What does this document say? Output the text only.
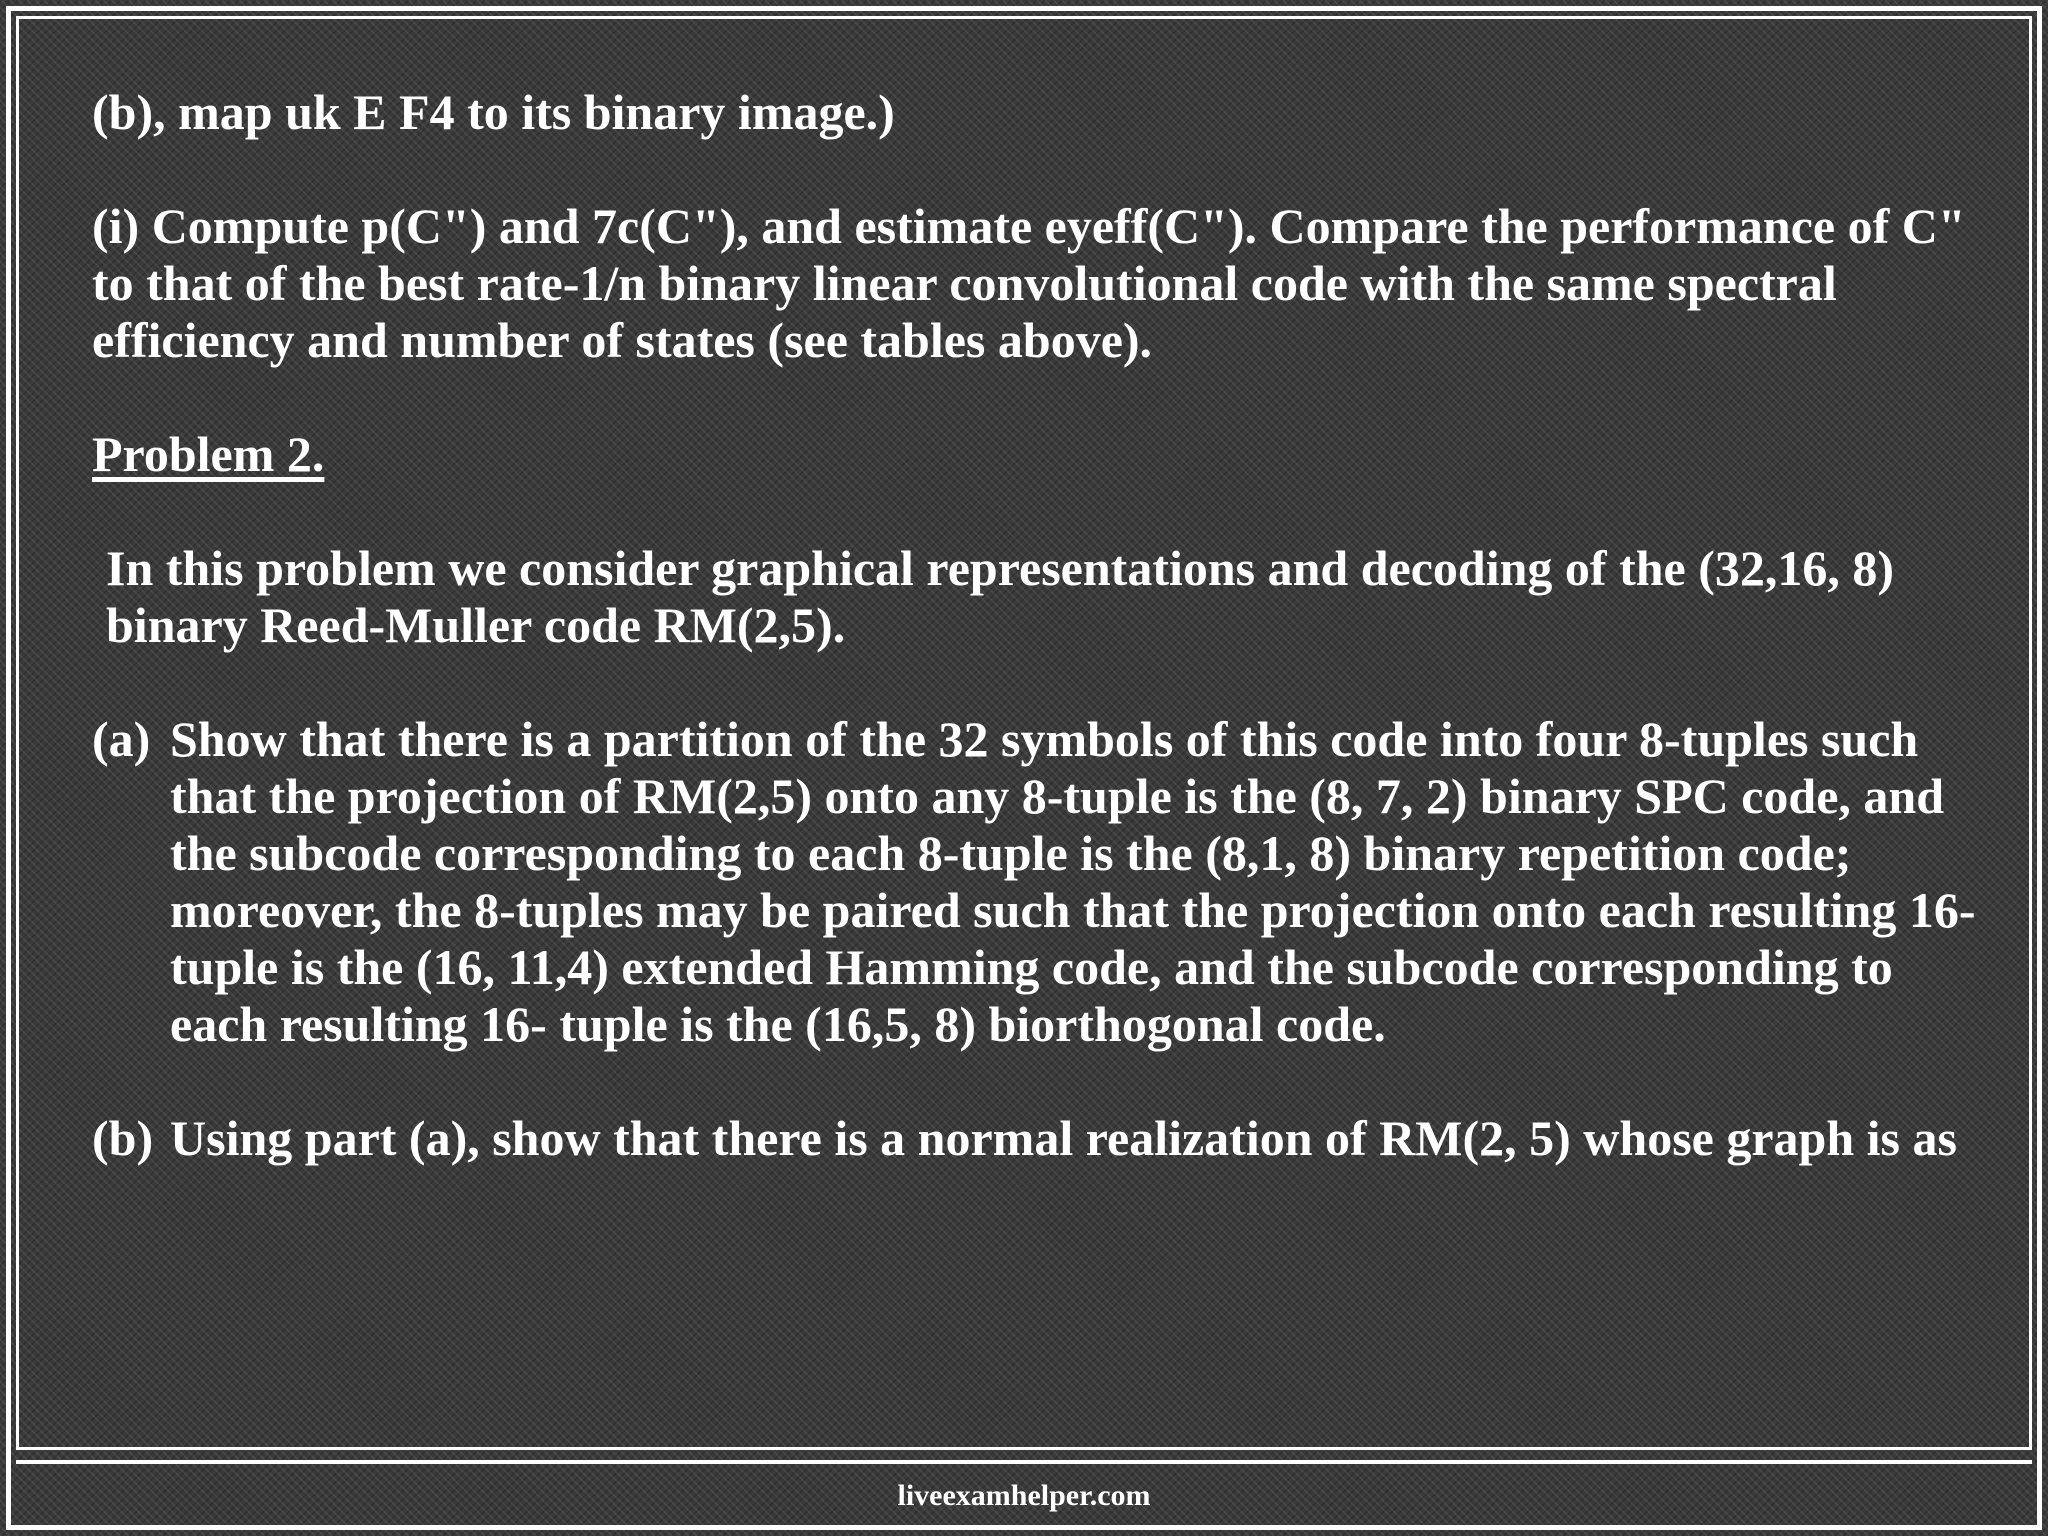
(b), map uk E F4 to its binary image.)

(i) Compute p(C") and 7c(C"), and estimate eyeff(C"). Compare the performance of C" to that of the best rate-1/n binary linear convolutional code with the same spectral efficiency and number of states (see tables above).

Problem 2.

In this problem we consider graphical representations and decoding of the (32,16, 8) binary Reed-Muller code RM(2,5).

(a) Show that there is a partition of the 32 symbols of this code into four 8-tuples such that the projection of RM(2,5) onto any 8-tuple is the (8, 7, 2) binary SPC code, and the subcode corresponding to each 8-tuple is the (8,1, 8) binary repetition code; moreover, the 8-tuples may be paired such that the projection onto each resulting 16-tuple is the (16, 11,4) extended Hamming code, and the subcode corresponding to each resulting 16- tuple is the (16,5, 8) biorthogonal code.
(b) Using part (a), show that there is a normal realization of RM(2, 5) whose graph is as
liveexamhelper.com
